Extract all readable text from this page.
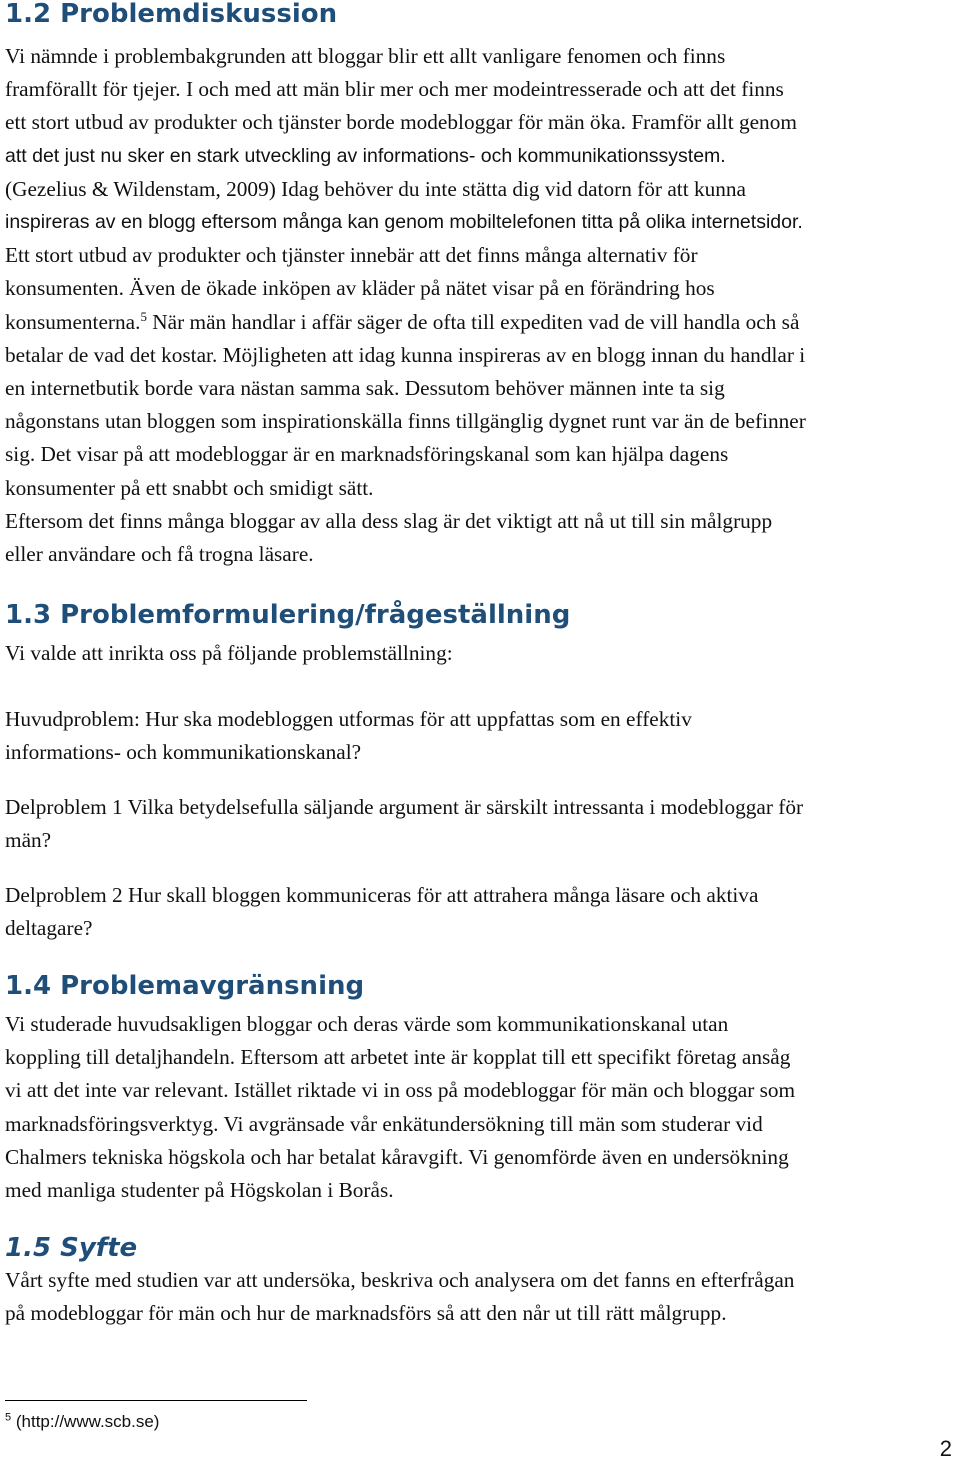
1.2 Problemdiskussion
Vi nämnde i problembakgrunden att bloggar blir ett allt vanligare fenomen och finns
framförallt för tjejer. I och med att män blir mer och mer modeintresserade och att det finns
ett stort utbud av produkter och tjänster borde modebloggar för män öka. Framför allt genom
att det just nu sker en stark utveckling av informations- och kommunikationssystem.
(Gezelius & Wildenstam, 2009) Idag behöver du inte stätta dig vid datorn för att kunna
inspireras av en blogg eftersom många kan genom mobiltelefonen titta på olika internetsidor.
Ett stort utbud av produkter och tjänster innebär att det finns många alternativ för
konsumenten. Även de ökade inköpen av kläder på nätet visar på en förändring hos
konsumenterna.$^5$ När män handlar i affär säger de ofta till expediten vad de vill handla och så
betalar de vad det kostar. Möjligheten att idag kunna inspireras av en blogg innan du handlar i
en internetbutik borde vara nästan samma sak. Dessutom behöver männen inte ta sig
någonstans utan bloggen som inspirationskälla finns tillgänglig dygnet runt var än de befinner
sig. Det visar på att modebloggar är en marknadsföringskanal som kan hjälpa dagens
konsumenter på ett snabbt och smidigt sätt.
Eftersom det finns många bloggar av alla dess slag är det viktigt att nå ut till sin målgrupp
eller användare och få trogna läsare.
1.3 Problemformulering/frågeställning
Vi valde att inrikta oss på följande problemställning:
Huvudproblem: Hur ska modebloggen utformas för att uppfattas som en effektiv
informations- och kommunikationskanal?
Delproblem 1 Vilka betydelsefulla säljande argument är särskilt intressanta i modebloggar för
män?
Delproblem 2 Hur skall bloggen kommuniceras för att attrahera många läsare och aktiva
deltagare?
1.4 Problemavgränsning
Vi studerade huvudsakligen bloggar och deras värde som kommunikationskanal utan
koppling till detaljhandeln. Eftersom att arbetet inte är kopplat till ett specifikt företag ansåg
vi att det inte var relevant. Istället riktade vi in oss på modebloggar för män och bloggar som
marknadsföringsverktyg. Vi avgränsade vår enkätundersökning till män som studerar vid
Chalmers tekniska högskola och har betalat kåravgift. Vi genomförde även en undersökning
med manliga studenter på Högskolan i Borås.
1.5 Syfte
Vårt syfte med studien var att undersöka, beskriva och analysera om det fanns en efterfrågan
på modebloggar för män och hur de marknadsförs så att den når ut till rätt målgrupp.
$^5$ (http://www.scb.se)
2
